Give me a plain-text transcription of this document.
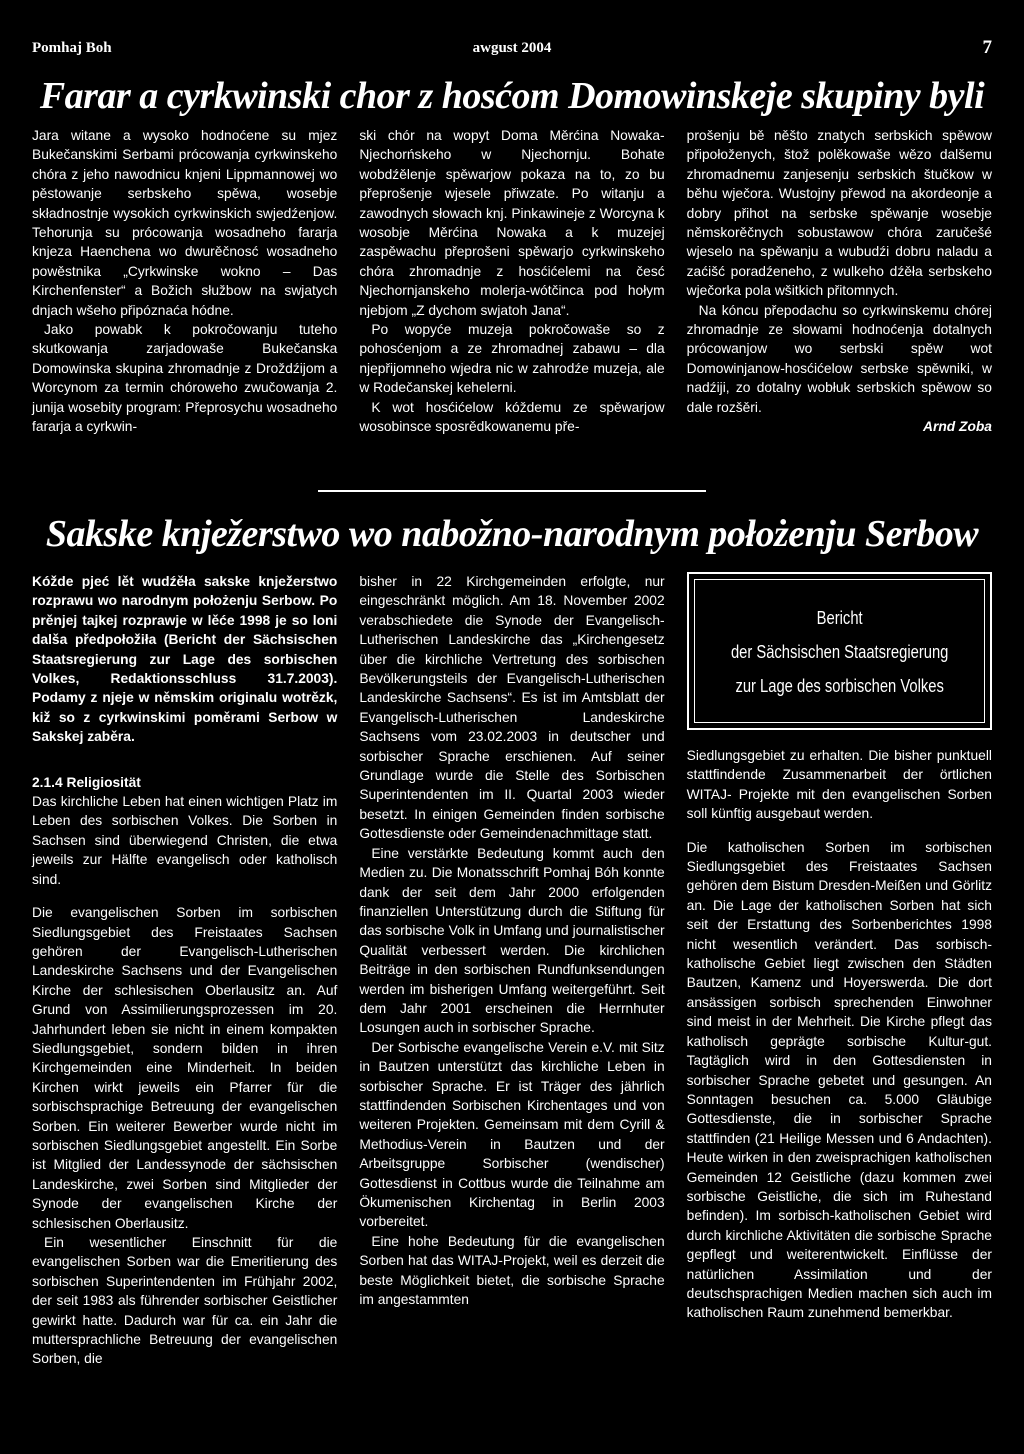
Pomhaj Boh	awgust 2004	7
Farar a cyrkwinski chor z hosćom Domowinskeje skupiny byli

Jara witane a wysoko hodnoćene su mjez Bukečanskimi Serbami prócowanja cyrkwinskeho chóra z jeho nawodnicu knjeni Lippmannowej wo pěstowanje serbskeho spěwa, wosebje składnostnje wysokich cyrkwinskich swjedźenjow. Tehorunja su prócowanja wosadneho fararja knjeza Haenchena wo dwurěčnosć wosadneho powěstnika „Cyrkwinske wokno – Das Kirchenfenster“ a Božich słužbow na swjatych dnjach wšeho připóznaća hódne.

Jako powabk k pokročowanju tuteho skutkowanja zarjadowaše Bukečanska Domowinska skupina zhromadnje z Droždźijom a Worcynom za termin chóroweho zwučowanja 2. junija wosebity program: Přeprosychu wosadneho fararja a cyrkwin-

ski chór na wopyt Doma Měrćina Nowaka-Njechorńskeho w Njechornju. Bohate wobdźělenje spěwarjow pokaza na to, zo bu přeprošenje wjesele přiwzate. Po witanju a zawodnych słowach knj. Pinkawineje z Worcyna k wosobje Měrćina Nowaka a k muzejej zaspěwachu přeprošeni spěwarjo cyrkwinskeho chóra zhromadnje z hosćićelemi na česć Njechornjanskeho molerja-wótčinca pod hołym njebjom „Z dychom swjatoh Jana“.

Po wopyće muzeja pokročowaše so z pohosćenjom a ze zhromadnej zabawu – dla njepřijomneho wjedra nic w zahrodźe muzeja, ale w Rodečanskej kehelerni.

K wot hosćićelow kóždemu ze spěwarjow wosobinsce sposrědkowanemu pře-

prošenju bě něšto znatych serbskich spěwow připołoženych, štož polěkowaše wězo dalšemu zhromadnemu zanjesenju serbskich štučkow w běhu wječora. Wustojny přewod na akordeonje a dobry přihot na serbske spěwanje wosebje němskorěčnych sobustawow chóra zaručešé wjeselo na spěwanju a wubudźi dobru naladu a zaćišć poradźeneho, z wulkeho dźěła serbskeho wječorka pola wšitkich přitomnych.

Na kóncu přepodachu so cyrkwinskemu chórej zhromadnje ze słowami hodnoćenja dotalnych prócowanjow wo serbski spěw wot Domowinjanow-hosćićelow serbske spěwniki, w nadźiji, zo dotalny wobłuk serbskich spěwow so dale rozšěri.

Arnd Zoba
Sakske knježerstwo wo nabožno-narodnym położenju Serbow

Kóžde pjeć lět wudźěła sakske knježerstwo rozprawu wo narodnym położenju Serbow. Po prěnjej tajkej rozprawje w lěće 1998 je so loni dalša předpołožiła (Bericht der Sächsischen Staatsregierung zur Lage des sorbischen Volkes, Redaktionsschluss 31.7.2003). Podamy z njeje w němskim originalu wotrězk, kiž so z cyrkwinskimi poměrami Serbow w Sakskej zaběra.

2.1.4 Religiosität

Das kirchliche Leben hat einen wichtigen Platz im Leben des sorbischen Volkes. Die Sorben in Sachsen sind überwiegend Christen, die etwa jeweils zur Hälfte evangelisch oder katholisch sind.

Die evangelischen Sorben im sorbischen Siedlungsgebiet des Freistaates Sachsen gehören der Evangelisch-Lutherischen Landeskirche Sachsens und der Evangelischen Kirche der schlesischen Oberlausitz an. Auf Grund von Assimilierungsprozessen im 20. Jahrhundert leben sie nicht in einem kompakten Siedlungsgebiet, sondern bilden in ihren Kirchgemeinden eine Minderheit. In beiden Kirchen wirkt jeweils ein Pfarrer für die sorbischsprachige Betreuung der evangelischen Sorben. Ein weiterer Bewerber wurde nicht im sorbischen Siedlungsgebiet angestellt. Ein Sorbe ist Mitglied der Landessynode der sächsischen Landeskirche, zwei Sorben sind Mitglieder der Synode der evangelischen Kirche der schlesischen Oberlausitz.

Ein wesentlicher Einschnitt für die evangelischen Sorben war die Emeritierung des sorbischen Superintendenten im Frühjahr 2002, der seit 1983 als führender sorbischer Geistlicher gewirkt hatte. Dadurch war für ca. ein Jahr die muttersprachliche Betreuung der evangelischen Sorben, die

bisher in 22 Kirchgemeinden erfolgte, nur eingeschränkt möglich. Am 18. November 2002 verabschiedete die Synode der Evangelisch-Lutherischen Landeskirche das „Kirchengesetz über die kirchliche Vertretung des sorbischen Bevölkerungsteils der Evangelisch-Lutherischen Landeskirche Sachsens“. Es ist im Amtsblatt der Evangelisch-Lutherischen Landeskirche Sachsens vom 23.02.2003 in deutscher und sorbischer Sprache erschienen. Auf seiner Grundlage wurde die Stelle des Sorbischen Superintendenten im II. Quartal 2003 wieder besetzt. In einigen Gemeinden finden sorbische Gottesdienste oder Gemeindenachmittage statt.

Eine verstärkte Bedeutung kommt auch den Medien zu. Die Monatsschrift Pomhaj Bóh konnte dank der seit dem Jahr 2000 erfolgenden finanziellen Unterstützung durch die Stiftung für das sorbische Volk in Umfang und journalistischer Qualität verbessert werden. Die kirchlichen Beiträge in den sorbischen Rundfunksendungen werden im bisherigen Umfang weitergeführt. Seit dem Jahr 2001 erscheinen die Herrnhuter Losungen auch in sorbischer Sprache.

Der Sorbische evangelische Verein e.V. mit Sitz in Bautzen unterstützt das kirchliche Leben in sorbischer Sprache. Er ist Träger des jährlich stattfindenden Sorbischen Kirchentages und von weiteren Projekten. Gemeinsam mit dem Cyrill & Methodius-Verein in Bautzen und der Arbeitsgruppe Sorbischer (wendischer) Gottesdienst in Cottbus wurde die Teilnahme am Ökumenischen Kirchentag in Berlin 2003 vorbereitet.

Eine hohe Bedeutung für die evangelischen Sorben hat das WITAJ-Projekt, weil es derzeit die beste Möglichkeit bietet, die sorbische Sprache im angestammten

Bericht
der Sächsischen Staatsregierung
zur Lage des sorbischen Volkes

Siedlungsgebiet zu erhalten. Die bisher punktuell stattfindende Zusammenarbeit der örtlichen WITAJ- Projekte mit den evangelischen Sorben soll künftig ausgebaut werden.

Die katholischen Sorben im sorbischen Siedlungsgebiet des Freistaates Sachsen gehören dem Bistum Dresden-Meißen und Görlitz an. Die Lage der katholischen Sorben hat sich seit der Erstattung des Sorbenberichtes 1998 nicht wesentlich verändert. Das sorbisch-katholische Gebiet liegt zwischen den Städten Bautzen, Kamenz und Hoyerswerda. Die dort ansässigen sorbisch sprechenden Einwohner sind meist in der Mehrheit. Die Kirche pflegt das katholisch geprägte sorbische Kultur-gut. Tagtäglich wird in den Gottesdiensten in sorbischer Sprache gebetet und gesungen. An Sonntagen besuchen ca. 5.000 Gläubige Gottesdienste, die in sorbischer Sprache stattfinden (21 Heilige Messen und 6 Andachten). Heute wirken in den zweisprachigen katholischen Gemeinden 12 Geistliche (dazu kommen zwei sorbische Geistliche, die sich im Ruhestand befinden). Im sorbisch-katholischen Gebiet wird durch kirchliche Aktivitäten die sorbische Sprache gepflegt und weiterentwickelt. Einflüsse der natürlichen Assimilation und der deutschsprachigen Medien machen sich auch im katholischen Raum zunehmend bemerkbar.
